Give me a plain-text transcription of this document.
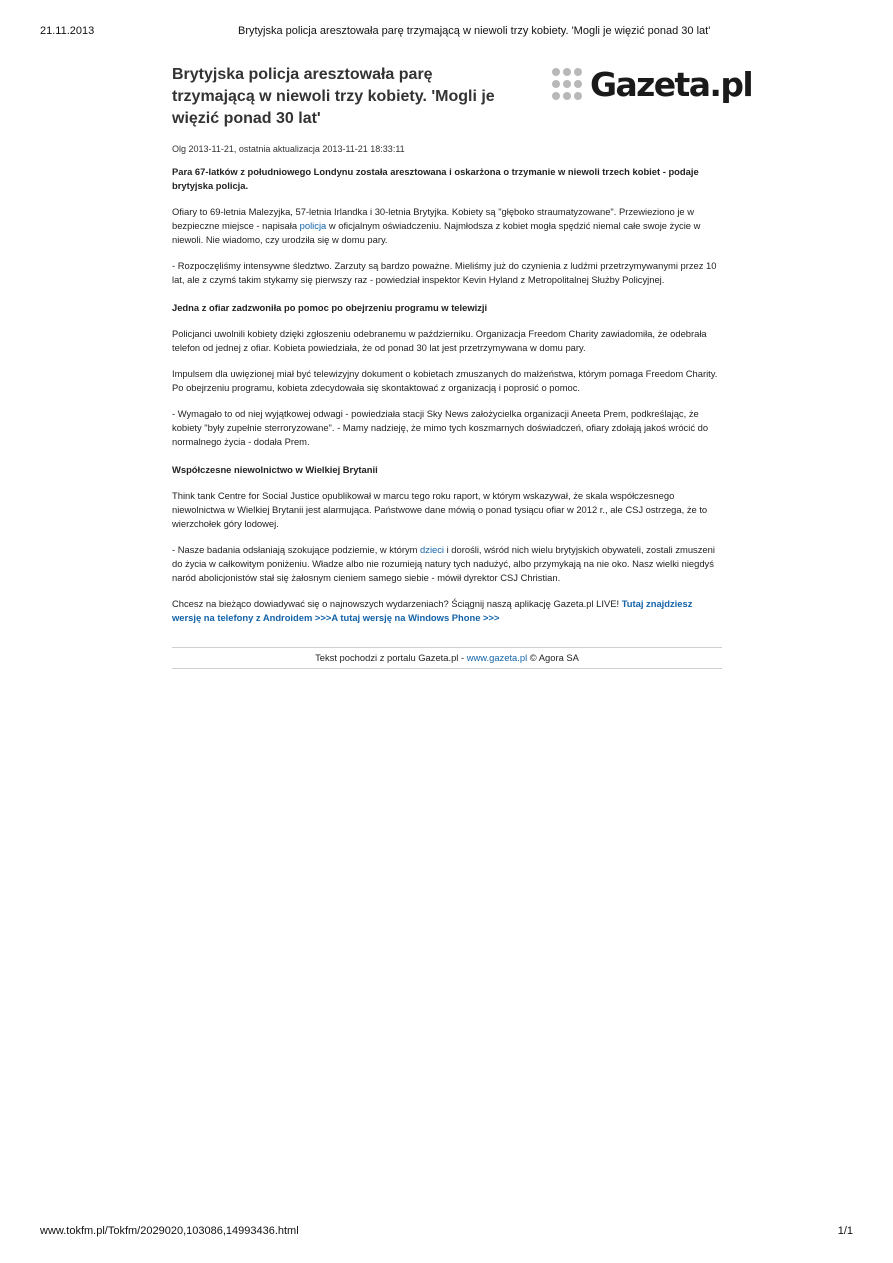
21.11.2013	Brytyjska policja aresztowała parę trzymającą w niewoli trzy kobiety. 'Mogli je więzić ponad 30 lat'
Gazeta.pl
Brytyjska policja aresztowała parę trzymającą w niewoli trzy kobiety. 'Mogli je więzić ponad 30 lat'
Olg 2013-11-21, ostatnia aktualizacja 2013-11-21 18:33:11
Para 67-latków z południowego Londynu została aresztowana i oskarżona o trzymanie w niewoli trzech kobiet - podaje brytyjska policja.

Ofiary to 69-letnia Malezyjka, 57-letnia Irlandka i 30-letnia Brytyjka. Kobiety są "głęboko straumatyzowane". Przewieziono je w bezpieczne miejsce - napisała policja w oficjalnym oświadczeniu. Najmłodsza z kobiet mogła spędzić niemal całe swoje życie w niewoli. Nie wiadomo, czy urodziła się w domu pary.

- Rozpoczęliśmy intensywne śledztwo. Zarzuty są bardzo poważne. Mieliśmy już do czynienia z ludźmi przetrzymywanymi przez 10 lat, ale z czymś takim stykamy się pierwszy raz - powiedział inspektor Kevin Hyland z Metropolitalnej Służby Policyjnej.

Jedna z ofiar zadzwoniła po pomoc po obejrzeniu programu w telewizji

Policjanci uwolnili kobiety dzięki zgłoszeniu odebranemu w październiku. Organizacja Freedom Charity zawiadomiła, że odebrała telefon od jednej z ofiar. Kobieta powiedziała, że od ponad 30 lat jest przetrzymywana w domu pary.

Impulsem dla uwięzionej miał być telewizyjny dokument o kobietach zmuszanych do małżeństwa, którym pomaga Freedom Charity. Po obejrzeniu programu, kobieta zdecydowała się skontaktować z organizacją i poprosić o pomoc.

- Wymagało to od niej wyjątkowej odwagi - powiedziała stacji Sky News założycielka organizacji Aneeta Prem, podkreślając, że kobiety "były zupełnie sterroryzowane". - Mamy nadzieję, że mimo tych koszmarnych doświadczeń, ofiary zdołają jakoś wrócić do normalnego życia - dodała Prem.

Współczesne niewolnictwo w Wielkiej Brytanii

Think tank Centre for Social Justice opublikował w marcu tego roku raport, w którym wskazywał, że skala współczesnego niewolnictwa w Wielkiej Brytanii jest alarmująca. Państwowe dane mówią o ponad tysiącu ofiar w 2012 r., ale CSJ ostrzega, że to wierzchołek góry lodowej.

- Nasze badania odsłaniają szokujące podziemie, w którym dzieci i dorośli, wśród nich wielu brytyjskich obywateli, zostali zmuszeni do życia w całkowitym poniżeniu. Władze albo nie rozumieją natury tych nadużyć, albo przymykają na nie oko. Nasz wielki niegdyś naród abolicjonistów stał się żałosnym cieniem samego siebie - mówił dyrektor CSJ Christian.

Chcesz na bieżąco dowiadywać się o najnowszych wydarzeniach? Ściągnij naszą aplikację Gazeta.pl LIVE! Tutaj znajdziesz wersję na telefony z Androidem >>>A tutaj wersję na Windows Phone >>>

Tekst pochodzi z portalu Gazeta.pl - www.gazeta.pl © Agora SA
www.tokfm.pl/Tokfm/2029020,103086,14993436.html	1/1
